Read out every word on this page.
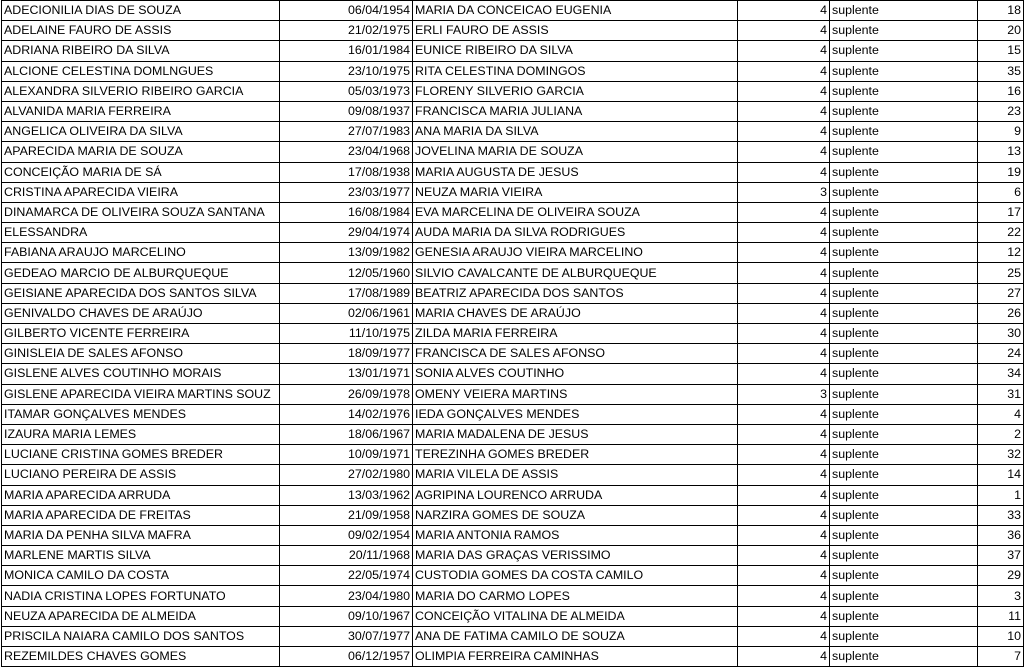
ADECIONILIA DIAS DE SOUZA	06/04/1954	MARIA DA CONCEICAO EUGENIA	4	suplente	18
ADELAINE FAURO DE ASSIS	21/02/1975	ERLI FAURO DE ASSIS	4	suplente	20
ADRIANA RIBEIRO DA SILVA	16/01/1984	EUNICE RIBEIRO DA SILVA	4	suplente	15
ALCIONE CELESTINA DOMLNGUES	23/10/1975	RITA CELESTINA DOMINGOS	4	suplente	35
ALEXANDRA SILVERIO RIBEIRO GARCIA	05/03/1973	FLORENY SILVERIO GARCIA	4	suplente	16
ALVANIDA MARIA FERREIRA	09/08/1937	FRANCISCA MARIA JULIANA	4	suplente	23
ANGELICA OLIVEIRA DA SILVA	27/07/1983	ANA MARIA DA SILVA	4	suplente	9
APARECIDA MARIA DE SOUZA	23/04/1968	JOVELINA MARIA DE SOUZA	4	suplente	13
CONCEIÇÃO MARIA DE SÁ	17/08/1938	MARIA AUGUSTA DE JESUS	4	suplente	19
CRISTINA APARECIDA VIEIRA	23/03/1977	NEUZA MARIA VIEIRA	3	suplente	6
DINAMARCA DE OLIVEIRA SOUZA SANTANA	16/08/1984	EVA MARCELINA DE OLIVEIRA SOUZA	4	suplente	17
ELESSANDRA	29/04/1974	AUDA MARIA DA SILVA RODRIGUES	4	suplente	22
FABIANA ARAUJO MARCELINO	13/09/1982	GENESIA ARAUJO VIEIRA MARCELINO	4	suplente	12
GEDEAO MARCIO DE ALBURQUEQUE	12/05/1960	SILVIO CAVALCANTE DE ALBURQUEQUE	4	suplente	25
GEISIANE APARECIDA DOS SANTOS SILVA	17/08/1989	BEATRIZ APARECIDA DOS SANTOS	4	suplente	27
GENIVALDO CHAVES DE ARAÚJO	02/06/1961	MARIA CHAVES DE ARAÚJO	4	suplente	26
GILBERTO VICENTE FERREIRA	11/10/1975	ZILDA MARIA FERREIRA	4	suplente	30
GINISLEIA DE SALES AFONSO	18/09/1977	FRANCISCA DE SALES AFONSO	4	suplente	24
GISLENE ALVES COUTINHO MORAIS	13/01/1971	SONIA ALVES COUTINHO	4	suplente	34
GISLENE APARECIDA VIEIRA MARTINS SOUZ	26/09/1978	OMENY VEIERA MARTINS	3	suplente	31
ITAMAR GONÇALVES MENDES	14/02/1976	IEDA GONÇALVES MENDES	4	suplente	4
IZAURA MARIA LEMES	18/06/1967	MARIA MADALENA DE JESUS	4	suplente	2
LUCIANE CRISTINA GOMES BREDER	10/09/1971	TEREZINHA GOMES BREDER	4	suplente	32
LUCIANO PEREIRA DE ASSIS	27/02/1980	MARIA VILELA DE ASSIS	4	suplente	14
MARIA APARECIDA ARRUDA	13/03/1962	AGRIPINA LOURENCO ARRUDA	4	suplente	1
MARIA APARECIDA DE FREITAS	21/09/1958	NARZIRA GOMES DE SOUZA	4	suplente	33
MARIA DA PENHA SILVA MAFRA	09/02/1954	MARIA ANTONIA RAMOS	4	suplente	36
MARLENE MARTIS SILVA	20/11/1968	MARIA DAS GRAÇAS VERISSIMO	4	suplente	37
MONICA CAMILO DA COSTA	22/05/1974	CUSTODIA GOMES DA COSTA CAMILO	4	suplente	29
NADIA CRISTINA LOPES FORTUNATO	23/04/1980	MARIA DO CARMO LOPES	4	suplente	3
NEUZA APARECIDA DE ALMEIDA	09/10/1967	CONCEIÇÃO VITALINA DE ALMEIDA	4	suplente	11
PRISCILA NAIARA CAMILO DOS SANTOS	30/07/1977	ANA DE FATIMA CAMILO DE SOUZA	4	suplente	10
REZEMILDES CHAVES GOMES	06/12/1957	OLIMPIA FERREIRA CAMINHAS	4	suplente	7
